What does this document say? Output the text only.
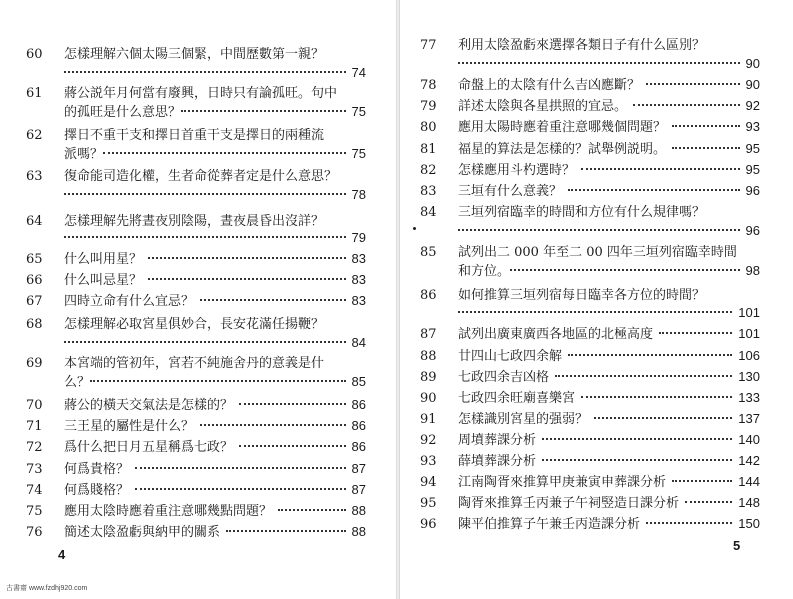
60	怎樣理解六個太陽三個緊，中間歷數第一親？
74
61	蔣公説年月何當有廢興，日時只有論孤旺。句中
的孤旺是什么意思？	75
62	擇日不重干支和擇日首重干支是擇日的兩種流
派嗎？	75
63	復命能司造化權，生者命從葬者定是什么意思？
78
64	怎樣理解先將晝夜別陰陽，晝夜晨昏出沒詳？
79
65	什么叫用星？	83
66	什么叫忌星？	83
67	四時立命有什么宜忌？	83
68	怎樣理解必取宮星俱妙合，長安花滿任揚鞭？
84
69	本宮端的管初年，宮若不純施舍丹的意義是什
么？	85
70	蔣公的橫天交氣法是怎樣的？	86
71	三王星的屬性是什么？	86
72	爲什么把日月五星稱爲七政？	86
73	何爲貴格？	87
74	何爲賤格？	87
75	應用太陰時應着重注意哪幾點問題？	88
76	簡述太陰盈虧與納甲的關系	88
77	利用太陰盈虧來選擇各類日子有什么區別？
90
78	命盤上的太陰有什么吉凶應斷？	90
79	詳述太陰與各星拱照的宜忌。	92
80	應用太陽時應着重注意哪幾個問題？	93
81	福星的算法是怎樣的？試舉例説明。	95
82	怎樣應用斗杓選時？	95
83	三垣有什么意義？	96
84	三垣列宿臨幸的時間和方位有什么規律嗎？
96
85	試列出二 000 年至二 00 四年三垣列宿臨幸時間
和方位。	98
86	如何推算三垣列宿每日臨幸各方位的時間？
101
87	試列出廣東廣西各地區的北極高度	101
88	廿四山七政四余解	106
89	七政四余吉凶格	130
90	七政四余旺廟喜樂宮	133
91	怎樣識別宮星的强弱？	137
92	周墳葬課分析	140
93	薛墳葬課分析	142
94	江南陶胥來推算甲庚兼寅申葬課分析	144
95	陶胥來推算壬丙兼子午祠竪造日課分析	148
96	陳平伯推算子午兼壬丙造課分析	150
4
5
古書齋 www.fzdhj920.com
